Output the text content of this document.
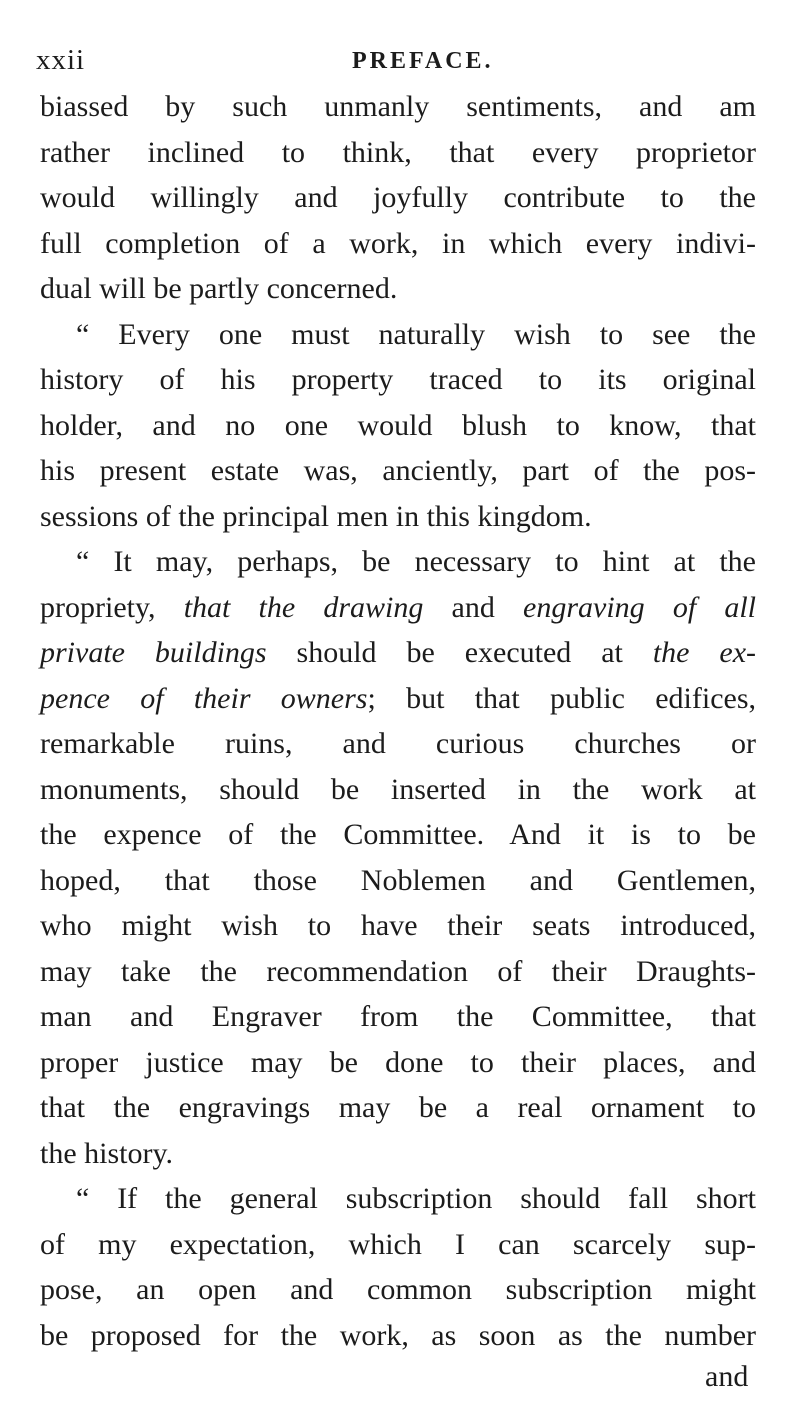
xxii	PREFACE.
biassed by such unmanly sentiments, and am
rather inclined to think, that every proprietor
would willingly and joyfully contribute to the
full completion of a work, in which every indivi-
dual will be partly concerned.
“ Every one must naturally wish to see the
history of his property traced to its original
holder, and no one would blush to know, that
his present estate was, anciently, part of the pos-
sessions of the principal men in this kingdom.
“ It may, perhaps, be necessary to hint at the
propriety, that the drawing and engraving of all
private buildings should be executed at the ex-
pence of their owners; but that public edifices,
remarkable ruins, and curious churches or
monuments, should be inserted in the work at
the expence of the Committee. And it is to be
hoped, that those Noblemen and Gentlemen,
who might wish to have their seats introduced,
may take the recommendation of their Draughts-
man and Engraver from the Committee, that
proper justice may be done to their places, and
that the engravings may be a real ornament to
the history.
“ If the general subscription should fall short
of my expectation, which I can scarcely sup-
pose, an open and common subscription might
be proposed for the work, as soon as the number
and
